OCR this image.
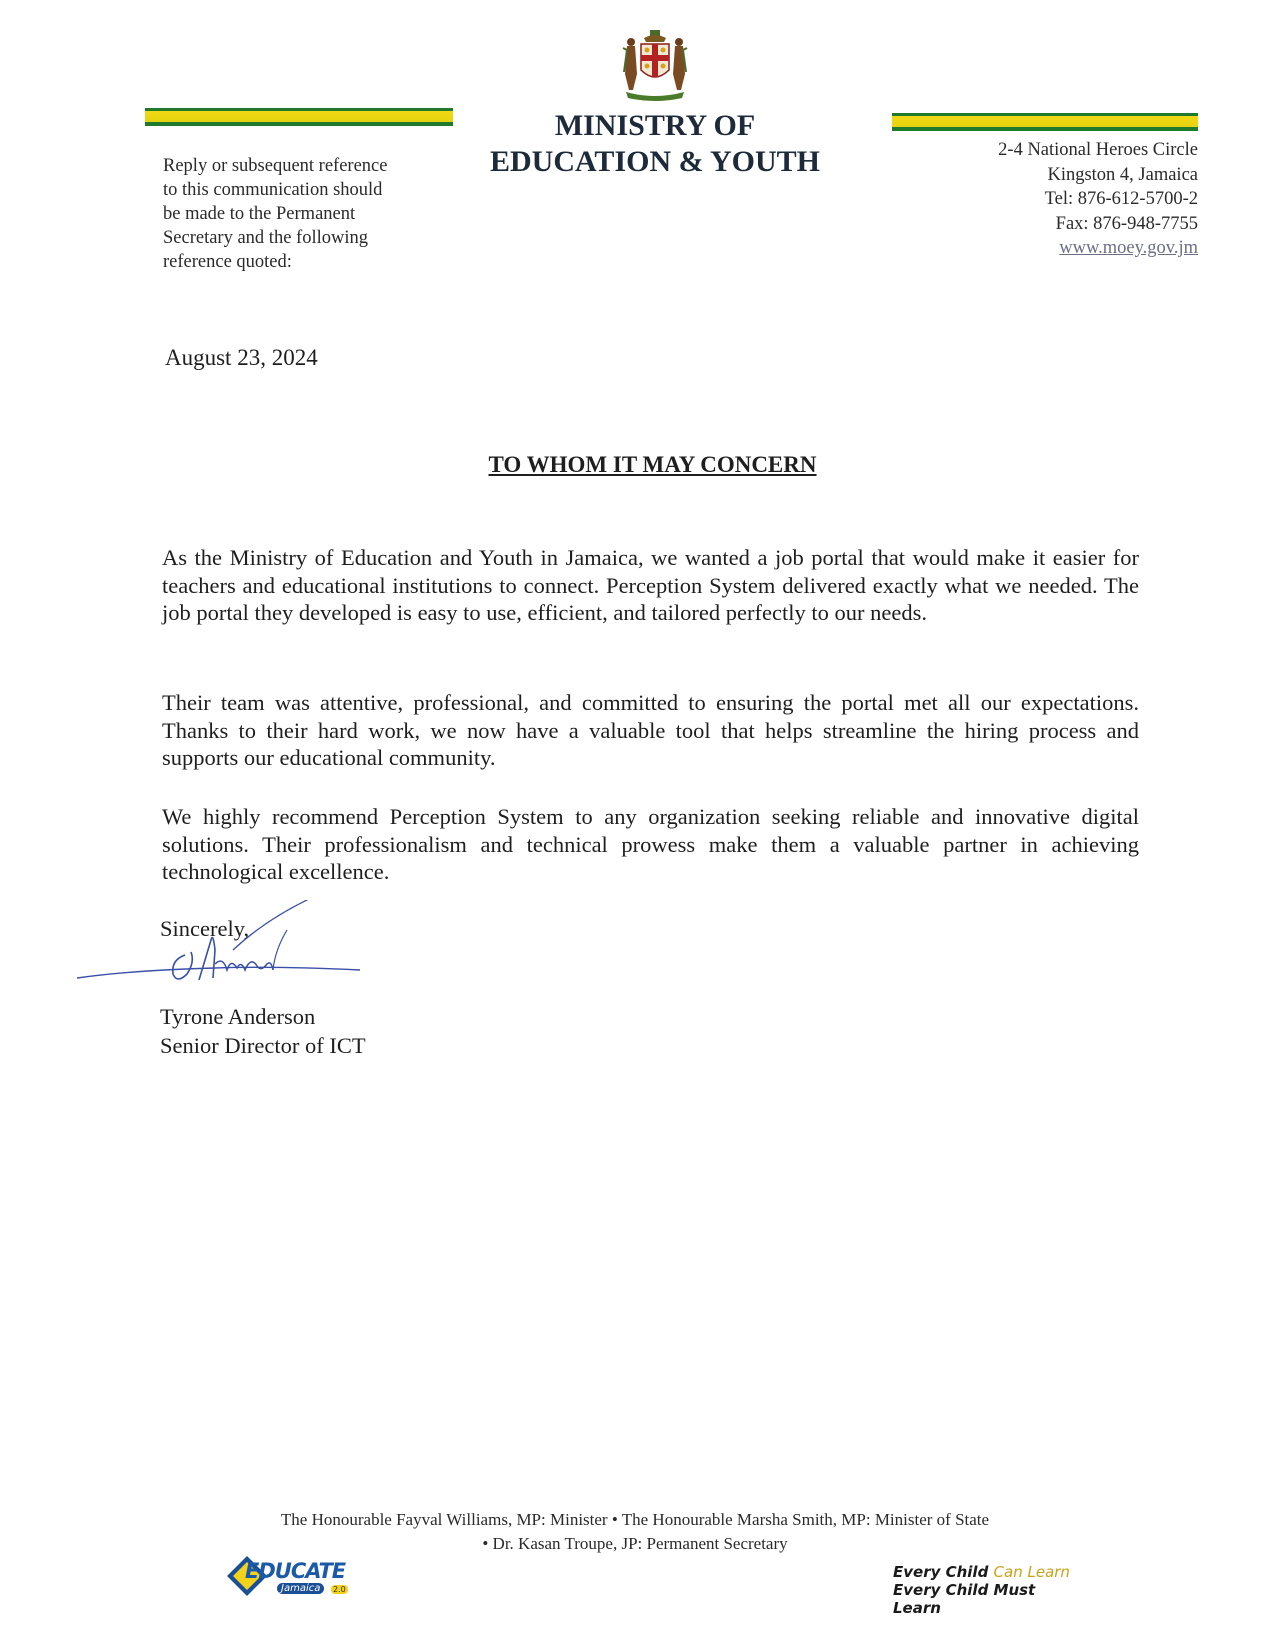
MINISTRY OF
EDUCATION & YOUTH
Reply or subsequent reference
to this communication should
be made to the Permanent
Secretary and the following
reference quoted:
2-4 National Heroes Circle
Kingston 4, Jamaica
Tel: 876-612-5700-2
Fax: 876-948-7755
www.moey.gov.jm
August 23, 2024
TO WHOM IT MAY CONCERN

As the Ministry of Education and Youth in Jamaica, we wanted a job portal that would make it easier for teachers and educational institutions to connect. Perception System delivered exactly what we needed. The job portal they developed is easy to use, efficient, and tailored perfectly to our needs.

Their team was attentive, professional, and committed to ensuring the portal met all our expectations. Thanks to their hard work, we now have a valuable tool that helps streamline the hiring process and supports our educational community.

We highly recommend Perception System to any organization seeking reliable and innovative digital solutions. Their professionalism and technical prowess make them a valuable partner in achieving technological excellence.

Sincerely,
Tyrone Anderson
Senior Director of ICT
The Honourable Fayval Williams, MP: Minister • The Honourable Marsha Smith, MP: Minister of State
• Dr. Kasan Troupe, JP: Permanent Secretary
EDUCATE
Jamaica	2.0
Every Child Can Learn
Every Child Must Learn
